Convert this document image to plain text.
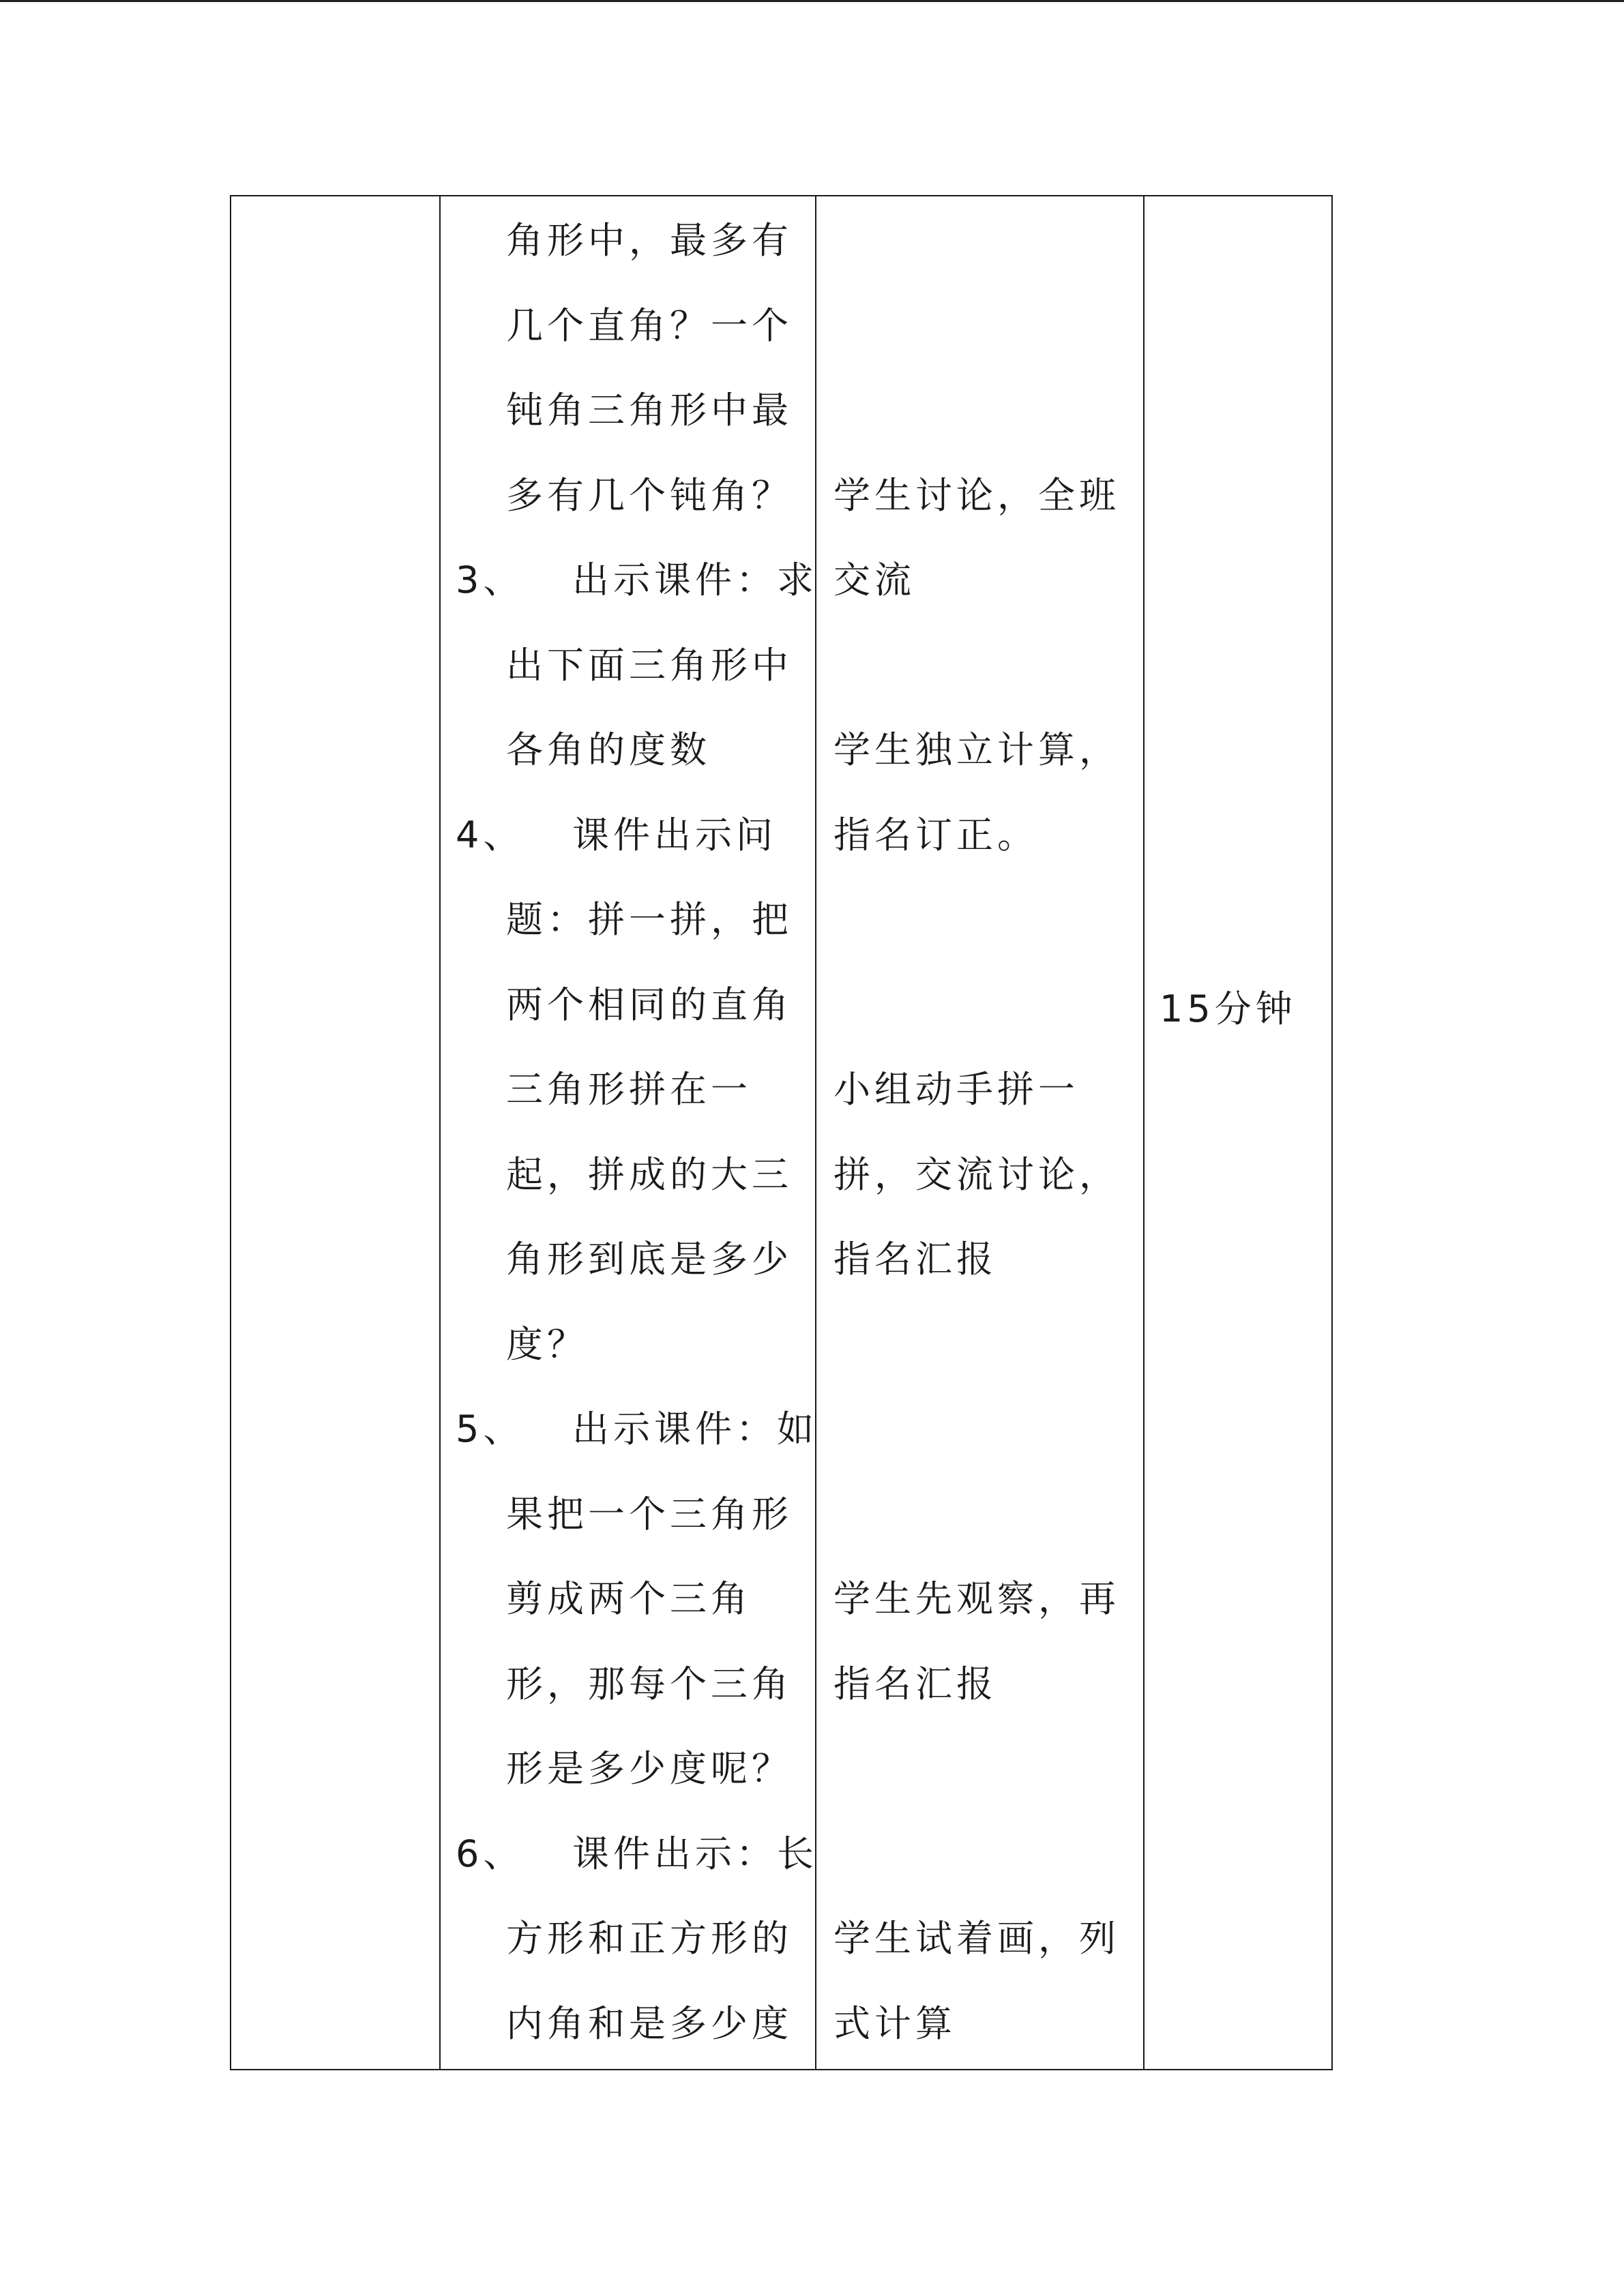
角形中，最多有
几个直角？一个
钝角三角形中最
多有几个钝角？
3、 出示课件：求
出下面三角形中
各角的度数
4、 课件出示问
题：拼一拼，把
两个相同的直角
三角形拼在一
起，拼成的大三
角形到底是多少
度？
5、 出示课件：如
果把一个三角形
剪成两个三角
形，那每个三角
形是多少度呢？
6、 课件出示：长
方形和正方形的
内角和是多少度
学生讨论，全班
交流
学生独立计算，
指名订正。
小组动手拼一
拼，交流讨论，
指名汇报
学生先观察，再
指名汇报
学生试着画，列
式计算
15分钟
